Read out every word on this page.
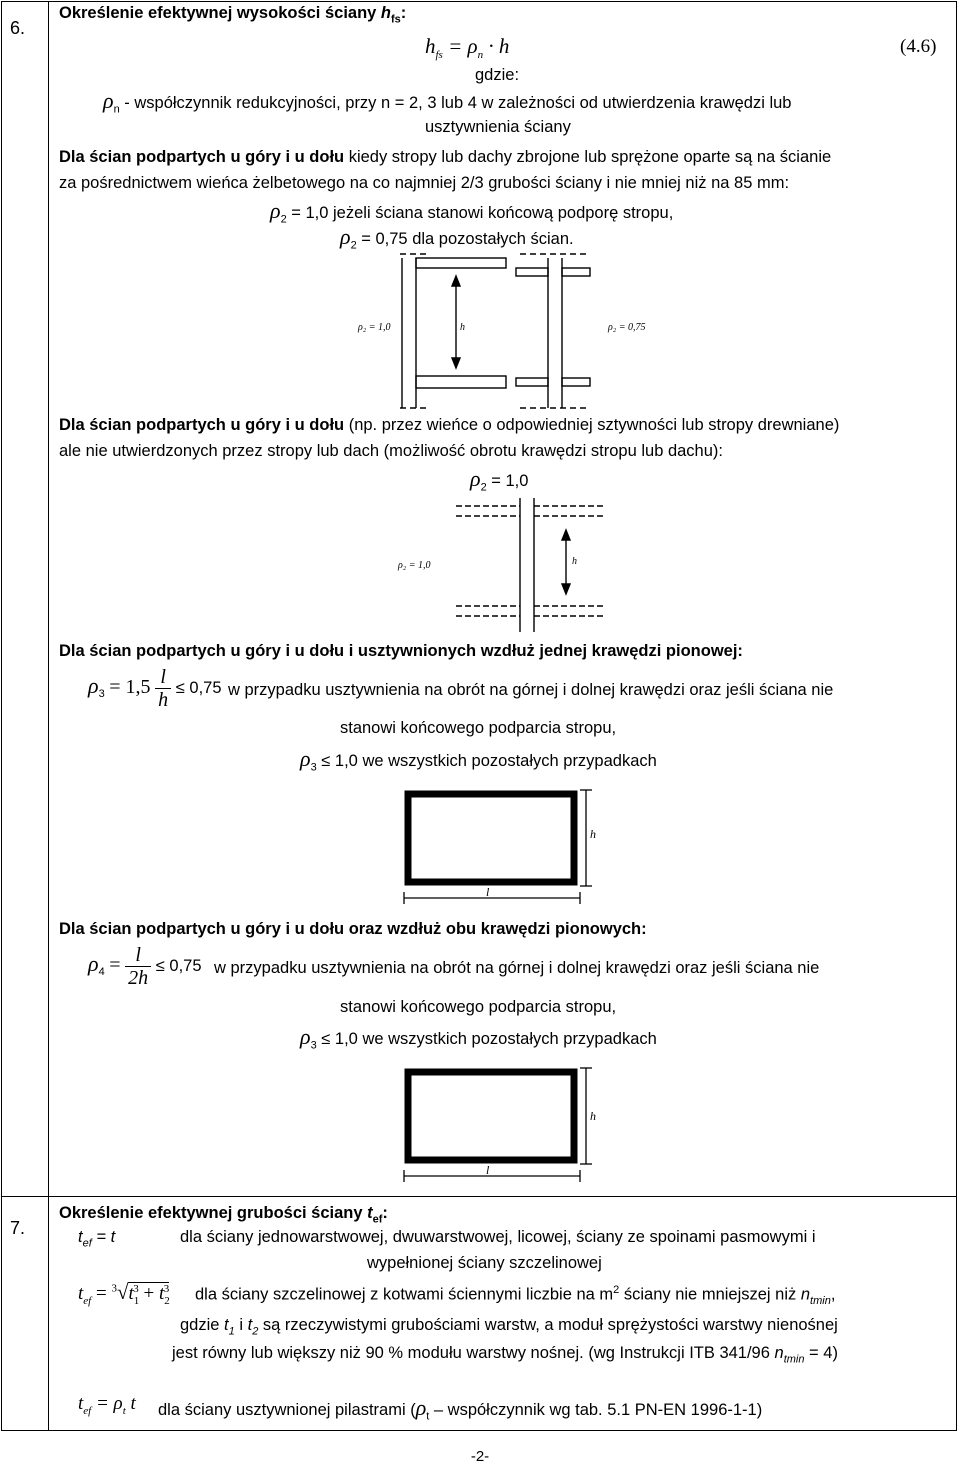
6.
Określenie efektywnej wysokości ściany $h_{fs}$:
$h_{fs} = \rho_n \cdot h$	(4.6)
gdzie:
$\rho_n$ - współczynnik redukcyjności, przy n = 2, 3 lub 4 w zależności od utwierdzenia krawędzi lub
usztywnienia ściany
Dla ścian podpartych u góry i u dołu kiedy stropy lub dachy zbrojone lub sprężone oparte są na ścianie
za pośrednictwem wieńca żelbetowego na co najmniej 2/3 grubości ściany i nie mniej niż na 85 mm:
$\rho_2 = 1,0$ jeżeli ściana stanowi końcową podporę stropu,
$\rho_2 = 0,75$ dla pozostałych ścian.
ρ₂ = 1,0	h	ρ₂ = 0,75
Dla ścian podpartych u góry i u dołu (np. przez wieńce o odpowiedniej sztywności lub stropy drewniane)
ale nie utwierdzonych przez stropy lub dach (możliwość obrotu krawędzi stropu lub dachu):
$\rho_2 = 1,0$
ρ₂ = 1,0	h
Dla ścian podpartych u góry i u dołu i usztywnionych wzdłuż jednej krawędzi pionowej:
$\rho_3 = 1,5 \frac{l}{h} \le 0,75$ w przypadku usztywnienia na obrót na górnej i dolnej krawędzi oraz jeśli ściana nie
stanowi końcowego podparcia stropu,
$\rho_3 \le 1,0$ we wszystkich pozostałych przypadkach
h
l
Dla ścian podpartych u góry i u dołu oraz wzdłuż obu krawędzi pionowych:
$\rho_4 = \frac{l}{2h} \le 0,75$ w przypadku usztywnienia na obrót na górnej i dolnej krawędzi oraz jeśli ściana nie
stanowi końcowego podparcia stropu,
$\rho_3 \le 1,0$ we wszystkich pozostałych przypadkach
h
l
7.
Określenie efektywnej grubości ściany $t_{ef}$:
$t_{ef} = t$	dla ściany jednowarstwowej, dwuwarstwowej, licowej, ściany ze spoinami pasmowymi i
wypełnionej ściany szczelinowej
$t_{ef} = ^3√t_1^3 + t_2^3$ dla ściany szczelinowej z kotwami ściennymi liczbie na $m^2$ ściany nie mniejszej niż $n_{tmin}$,
gdzie $t_1$ i $t_2$ są rzeczywistymi grubościami warstw, a moduł sprężystości warstwy nienośnej
jest równy lub większy niż 90 % modułu warstwy nośnej. (wg Instrukcji ITB 341/96 $n_{tmin} = 4$)
$t_{ef} = \rho_t$ t dla ściany usztywnionej pilastrami ($\rho_t$ – współczynnik wg tab. 5.1 PN-EN 1996-1-1)
-2-
